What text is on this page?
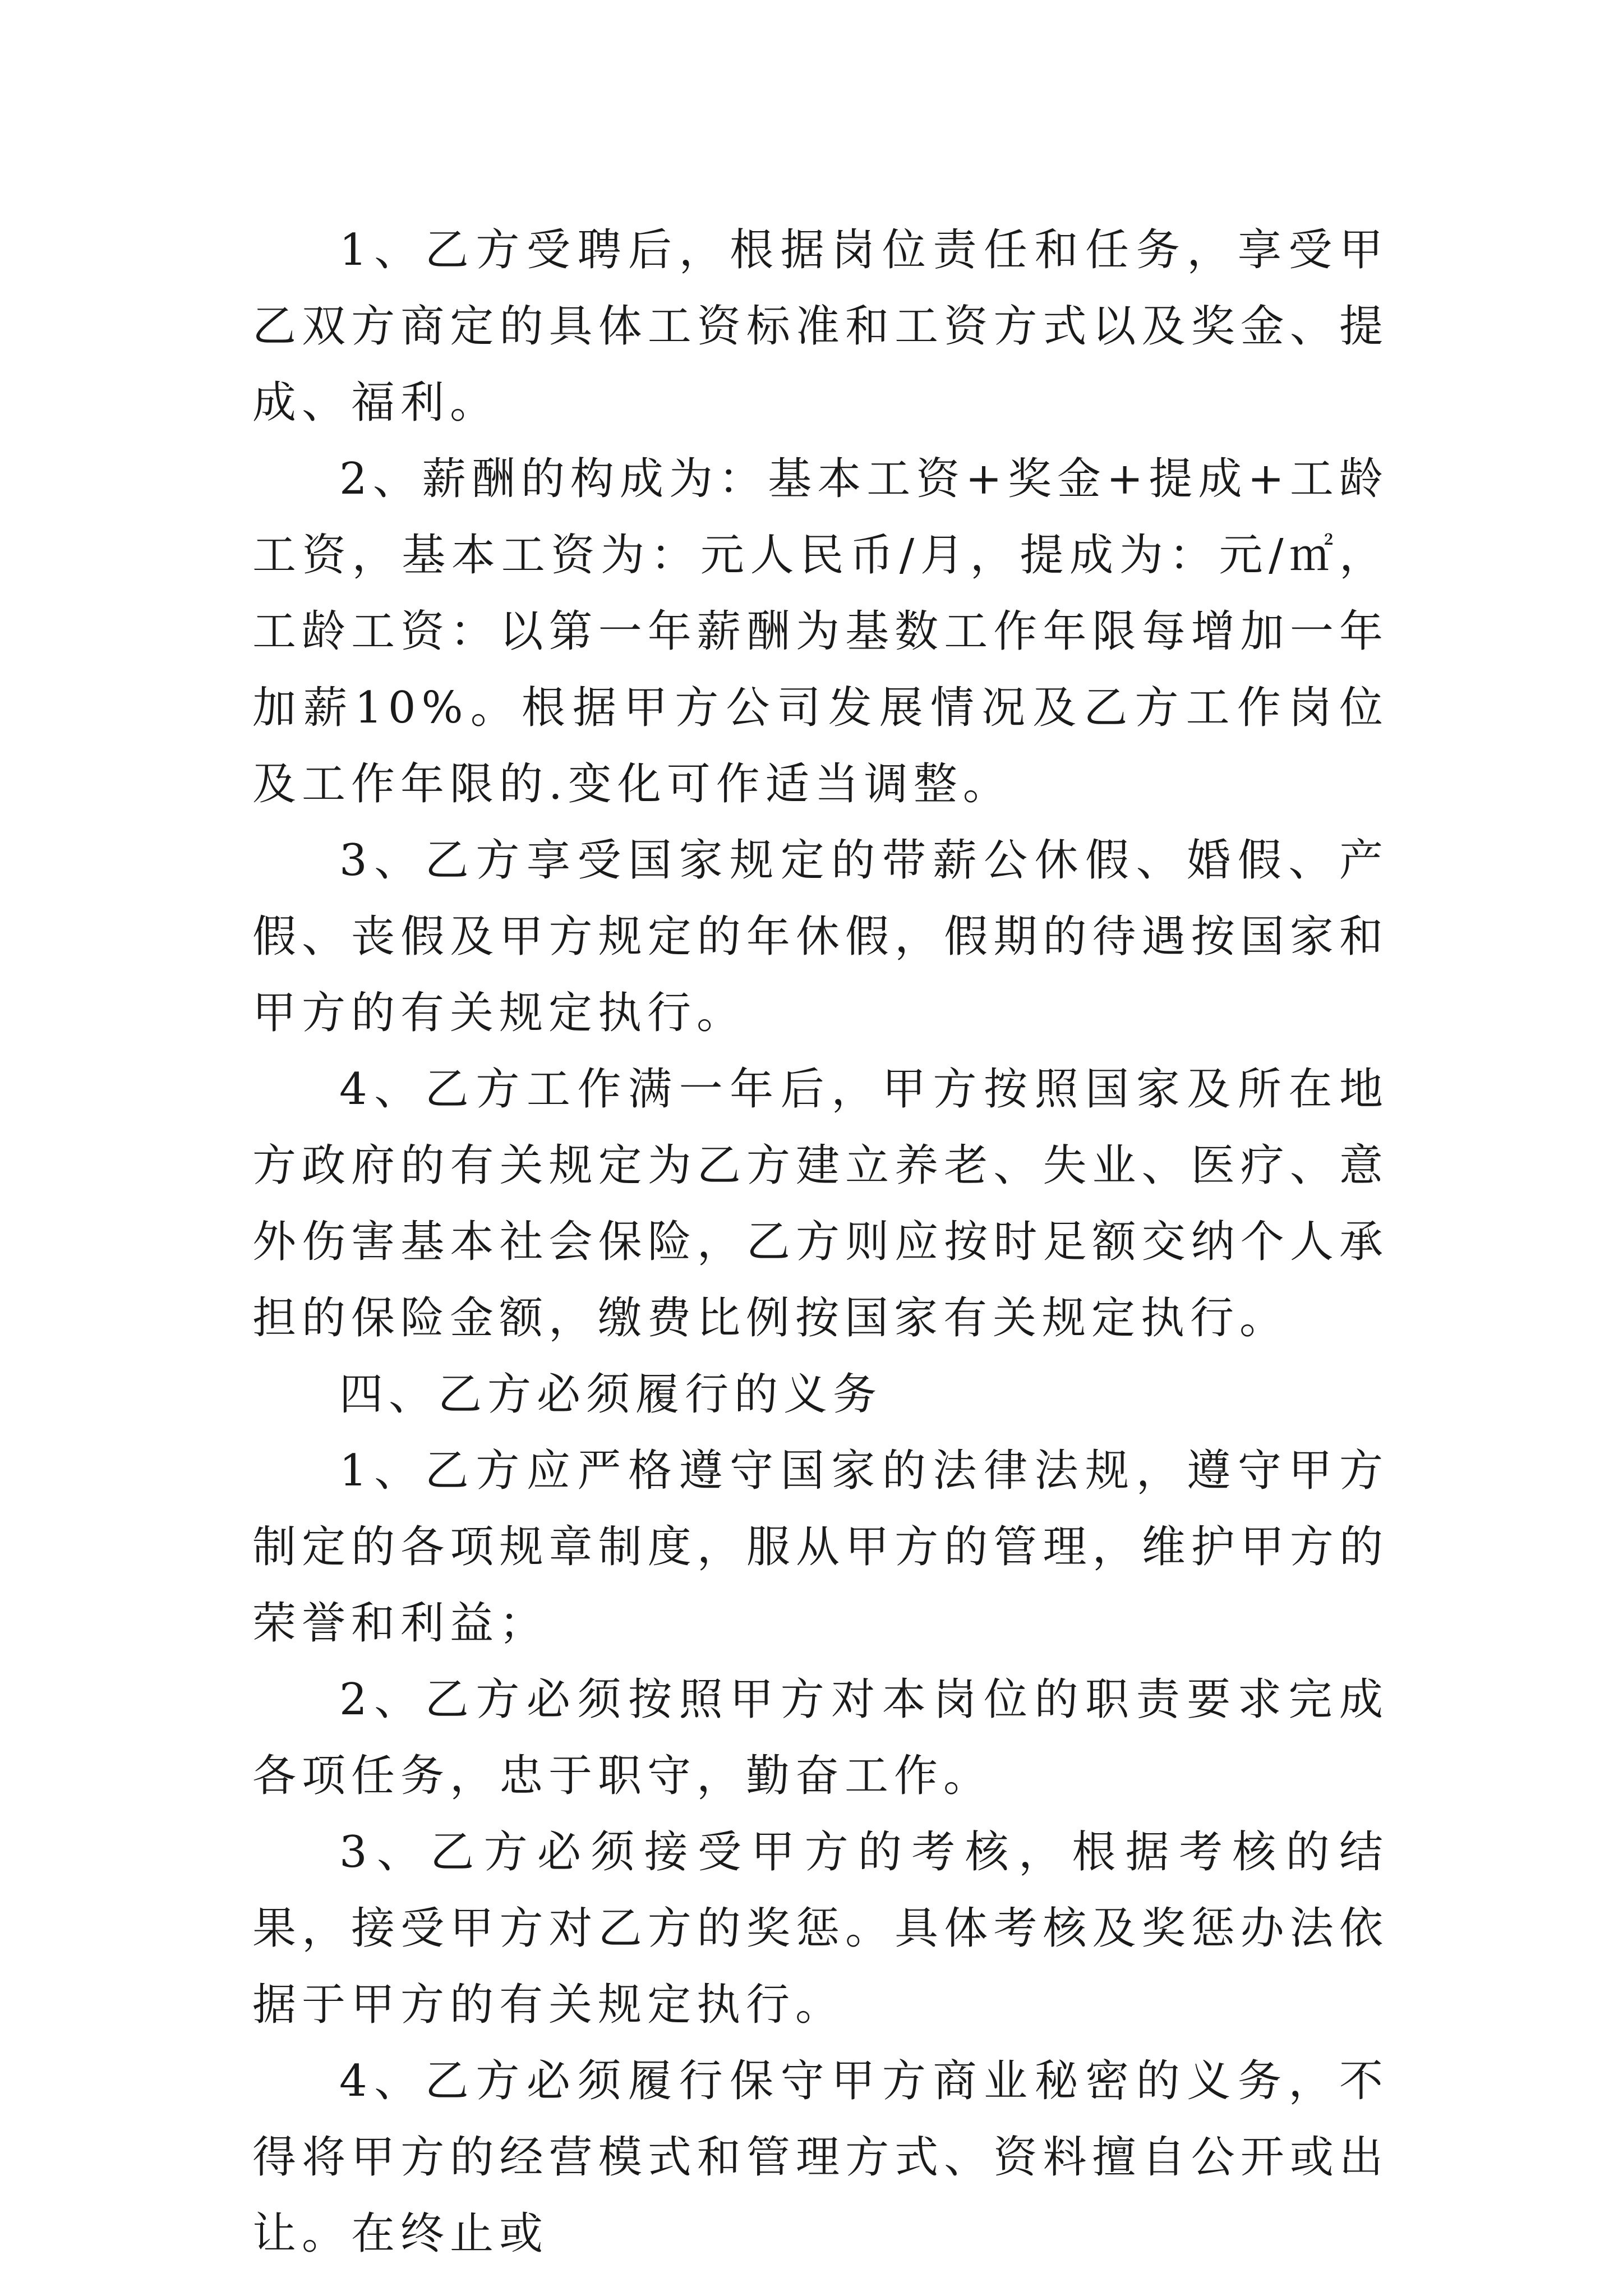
1、乙方受聘后，根据岗位责任和任务，享受甲乙双方商定的具体工资标准和工资方式以及奖金、提成、福利。

2、薪酬的构成为：基本工资+奖金+提成+工龄工资，基本工资为：元人民币/月，提成为：元/㎡，工龄工资：以第一年薪酬为基数工作年限每增加一年加薪10%。根据甲方公司发展情况及乙方工作岗位及工作年限的.变化可作适当调整。

3、乙方享受国家规定的带薪公休假、婚假、产假、丧假及甲方规定的年休假，假期的待遇按国家和甲方的有关规定执行。

4、乙方工作满一年后，甲方按照国家及所在地方政府的有关规定为乙方建立养老、失业、医疗、意外伤害基本社会保险，乙方则应按时足额交纳个人承担的保险金额，缴费比例按国家有关规定执行。

四、乙方必须履行的义务

1、乙方应严格遵守国家的法律法规，遵守甲方制定的各项规章制度，服从甲方的管理，维护甲方的荣誉和利益；

2、乙方必须按照甲方对本岗位的职责要求完成各项任务，忠于职守，勤奋工作。

3、乙方必须接受甲方的考核，根据考核的结果，接受甲方对乙方的奖惩。具体考核及奖惩办法依据于甲方的有关规定执行。

4、乙方必须履行保守甲方商业秘密的义务，不得将甲方的经营模式和管理方式、资料擅自公开或出让。在终止或
